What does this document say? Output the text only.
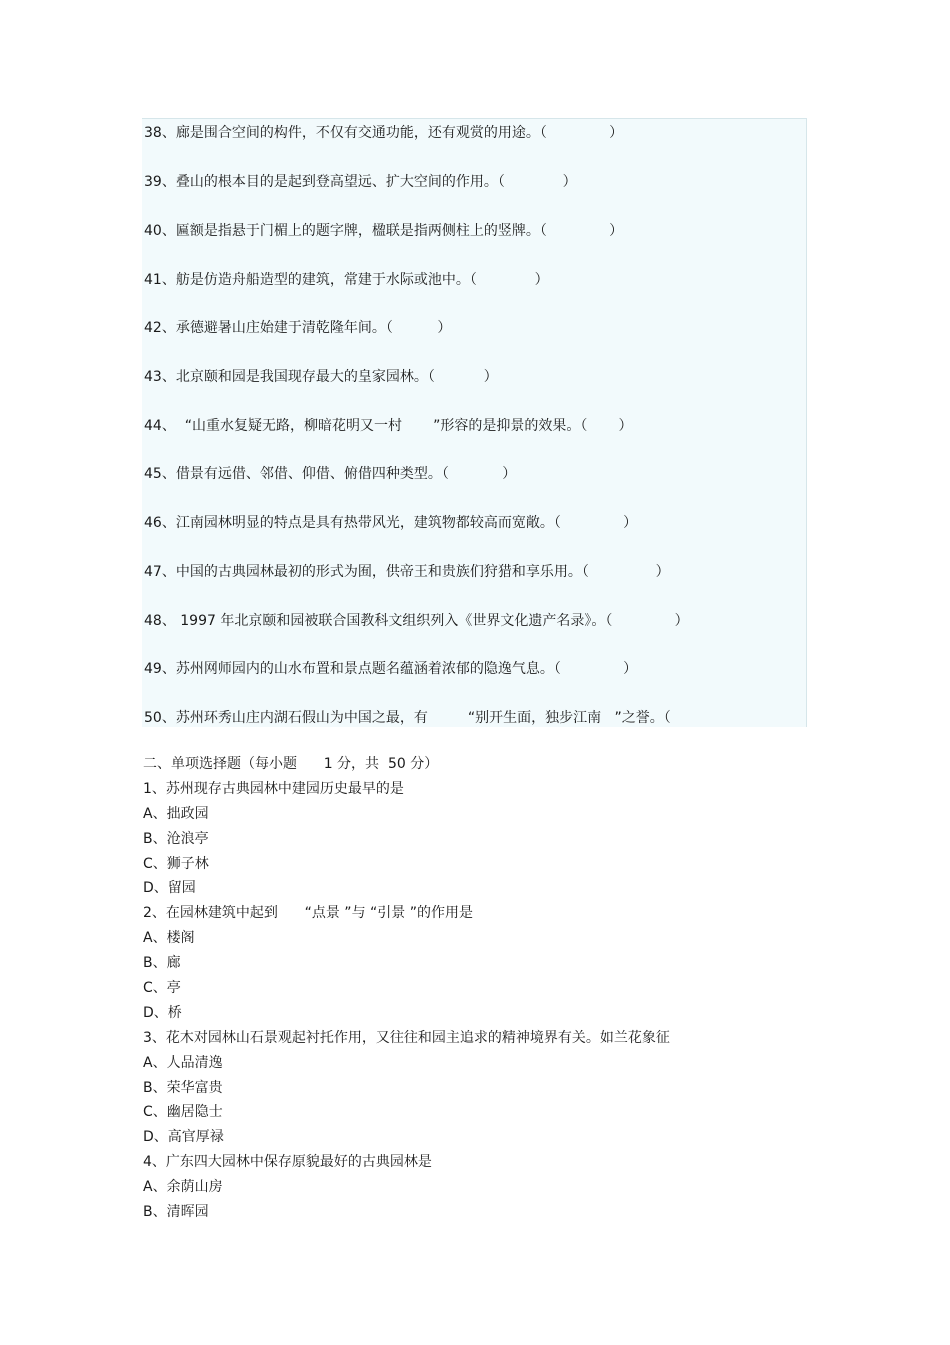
38、廊是围合空间的构件，不仅有交通功能，还有观赏的用途。（              ）
39、叠山的根本目的是起到登高望远、扩大空间的作用。（             ）
40、匾额是指悬于门楣上的题字牌，楹联是指两侧柱上的竖牌。（              ）
41、舫是仿造舟船造型的建筑，常建于水际或池中。（             ）
42、承德避暑山庄始建于清乾隆年间。（          ）
43、北京颐和园是我国现存最大的皇家园林。（           ）
44、  “山重水复疑无路，柳暗花明又一村       ”形容的是抑景的效果。（       ）
45、借景有远借、邻借、仰借、俯借四种类型。（            ）
46、江南园林明显的特点是具有热带风光，建筑物都较高而宽敞。（              ）
47、中国的古典园林最初的形式为囿，供帝王和贵族们狩猎和享乐用。（               ）
48、 1997 年北京颐和园被联合国教科文组织列入《世界文化遗产名录》。（              ）
49、苏州网师园内的山水布置和景点题名蕴涵着浓郁的隐逸气息。（              ）
50、苏州环秀山庄内湖石假山为中国之最，有         “别开生面，独步江南   ”之誉。（
二、单项选择题（每小题      1 分，共  50 分）
1、苏州现存古典园林中建园历史最早的是
A、拙政园
B、沧浪亭
C、狮子林
D、留园
2、在园林建筑中起到      “点景 ”与 “引景 ”的作用是
A、楼阁
B、廊
C、亭
D、桥
3、花木对园林山石景观起衬托作用，又往往和园主追求的精神境界有关。如兰花象征
A、人品清逸
B、荣华富贵
C、幽居隐士
D、高官厚禄
4、广东四大园林中保存原貌最好的古典园林是
A、余荫山房
B、清晖园
